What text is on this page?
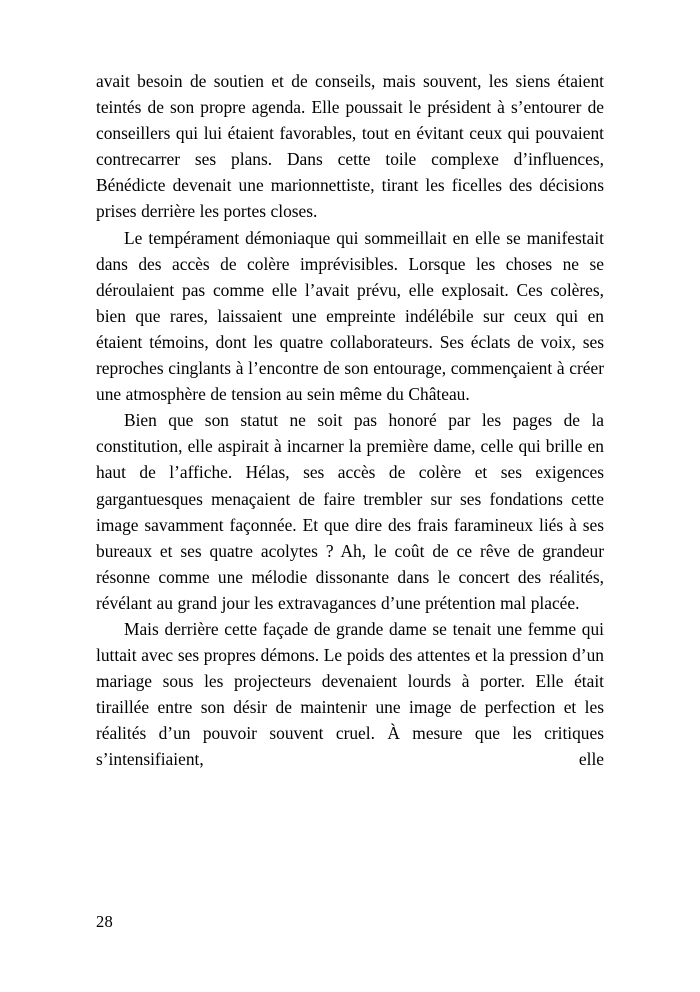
avait besoin de soutien et de conseils, mais souvent, les siens étaient teintés de son propre agenda. Elle poussait le président à s’entourer de conseillers qui lui étaient favorables, tout en évitant ceux qui pouvaient contrecarrer ses plans. Dans cette toile complexe d’influences, Bénédicte devenait une marionnettiste, tirant les ficelles des décisions prises derrière les portes closes.

Le tempérament démoniaque qui sommeillait en elle se manifestait dans des accès de colère imprévisibles. Lorsque les choses ne se déroulaient pas comme elle l’avait prévu, elle explosait. Ces colères, bien que rares, laissaient une empreinte indélébile sur ceux qui en étaient témoins, dont les quatre collaborateurs. Ses éclats de voix, ses reproches cinglants à l’encontre de son entourage, commençaient à créer une atmosphère de tension au sein même du Château.

Bien que son statut ne soit pas honoré par les pages de la constitution, elle aspirait à incarner la première dame, celle qui brille en haut de l’affiche. Hélas, ses accès de colère et ses exigences gargantuesques menaçaient de faire trembler sur ses fondations cette image savamment façonnée. Et que dire des frais faramineux liés à ses bureaux et ses quatre acolytes ? Ah, le coût de ce rêve de grandeur résonne comme une mélodie dissonante dans le concert des réalités, révélant au grand jour les extravagances d’une prétention mal placée.

Mais derrière cette façade de grande dame se tenait une femme qui luttait avec ses propres démons. Le poids des attentes et la pression d’un mariage sous les projecteurs devenaient lourds à porter. Elle était tiraillée entre son désir de maintenir une image de perfection et les réalités d’un pouvoir souvent cruel. À mesure que les critiques s’intensifiaient, elle

28
